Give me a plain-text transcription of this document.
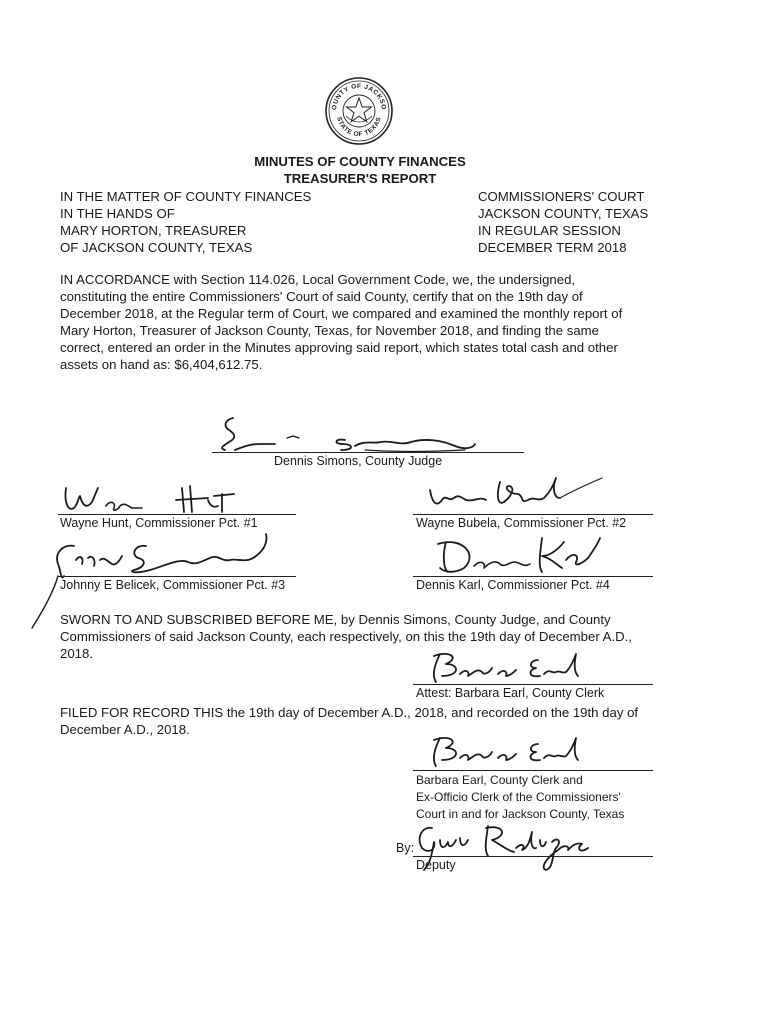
OUNTY OF JACKSO
STATE OF TEXAS
MINUTES OF COUNTY FINANCES
TREASURER'S REPORT
IN THE MATTER OF COUNTY FINANCES
IN THE HANDS OF
MARY HORTON, TREASURER
OF JACKSON COUNTY, TEXAS
COMMISSIONERS' COURT
JACKSON COUNTY, TEXAS
IN REGULAR SESSION
DECEMBER TERM 2018
IN ACCORDANCE with Section 114.026, Local Government Code, we, the undersigned,
constituting the entire Commissioners' Court of said County, certify that on the 19th day of
December 2018, at the Regular term of Court, we compared and examined the monthly report of
Mary Horton, Treasurer of Jackson County, Texas, for November 2018, and finding the same
correct, entered an order in the Minutes approving said report, which states total cash and other
assets on hand as: $6,404,612.75.
Dennis Simons, County Judge
Wayne Hunt, Commissioner Pct. #1	Wayne Bubela, Commissioner Pct. #2
Johnny E Belicek, Commissioner Pct. #3	Dennis Karl, Commissioner Pct. #4
SWORN TO AND SUBSCRIBED BEFORE ME, by Dennis Simons, County Judge, and County
Commissioners of said Jackson County, each respectively, on this the 19th day of December A.D.,
2018.
Attest: Barbara Earl, County Clerk
FILED FOR RECORD THIS the 19th day of December A.D., 2018, and recorded on the 19th day of
December A.D., 2018.
Barbara Earl, County Clerk and
Ex-Officio Clerk of the Commissioners'
Court in and for Jackson County, Texas
By:
Deputy
